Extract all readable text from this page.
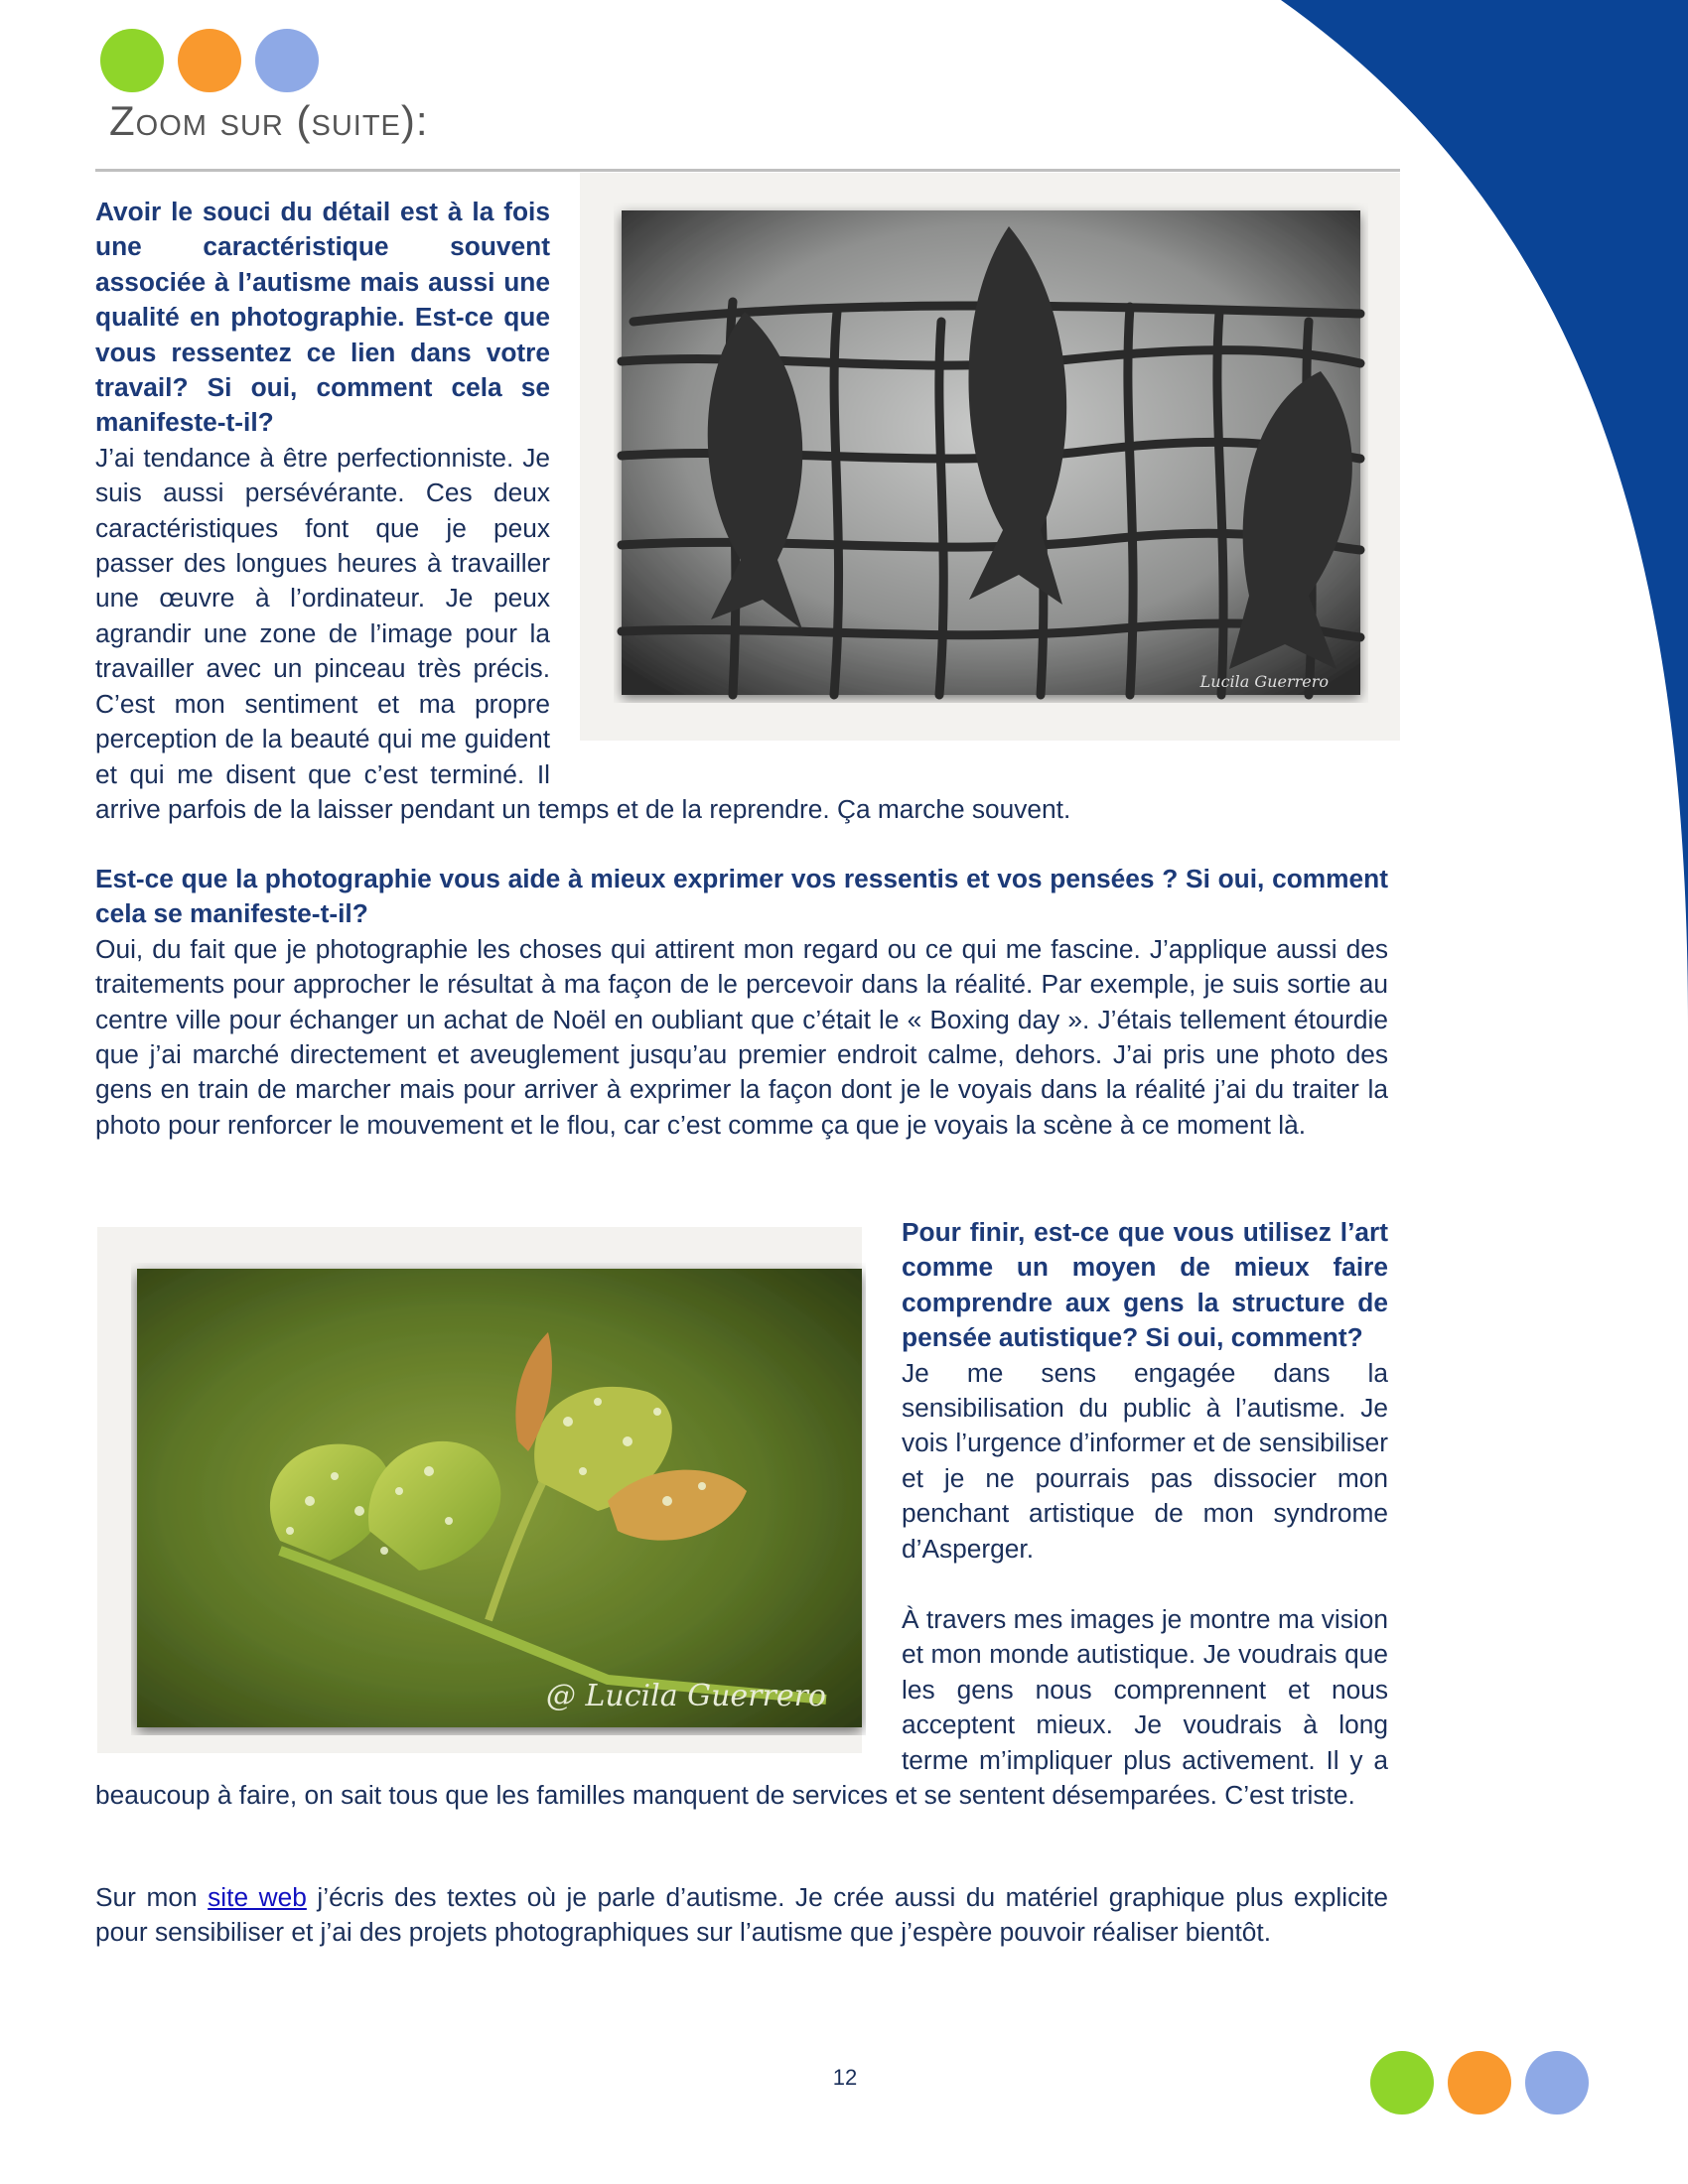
Zoom sur (suite):
Lucila Guerrero

Avoir le souci du détail est à la fois une caractéristique souvent associée à l’autisme mais aussi une qualité en photographie. Est-ce que vous ressentez ce lien dans votre travail? Si oui, comment cela se manifeste-t-il?

J’ai tendance à être perfectionniste. Je suis aussi persévérante. Ces deux caractéristiques font que je peux passer des longues heures à travailler une œuvre à l’ordinateur. Je peux agrandir une zone de l’image pour la travailler avec un pinceau très précis. C’est mon sentiment et ma propre perception de la beauté qui me guident et qui me disent que c’est terminé. Il arrive parfois de la laisser pendant un temps et de la reprendre. Ça marche souvent.

Est-ce que la photographie vous aide à mieux exprimer vos ressentis et vos pensées ? Si oui, comment cela se manifeste-t-il?

Oui, du fait que je photographie les choses qui attirent mon regard ou ce qui me fascine. J’applique aussi des traitements pour approcher le résultat à ma façon de le percevoir dans la réalité. Par exemple, je suis sortie au centre ville pour échanger un achat de Noël en oubliant que c’était le « Boxing day ». J’étais tellement étourdie que j’ai marché directement et aveuglement jusqu’au premier endroit calme, dehors. J’ai pris une photo des gens en train de marcher mais pour arriver à exprimer la façon dont je le voyais dans la réalité j’ai du traiter la photo pour renforcer le mouvement et le flou, car c’est comme ça que je voyais la scène à ce moment là.

@ Lucila Guerrero

Pour finir, est-ce que vous utilisez l’art comme un moyen de mieux faire comprendre aux gens la structure de pensée autistique? Si oui, comment?

Je me sens engagée dans la sensibilisation du public à l’autisme. Je vois l’urgence d’informer et de sensibiliser et je ne pourrais pas dissocier mon penchant artistique de mon syndrome d’Asperger.

À travers mes images je montre ma vision et mon monde autistique. Je voudrais que les gens nous comprennent et nous acceptent mieux. Je voudrais à long terme m’impliquer plus activement. Il y a beaucoup à faire, on sait tous que les familles manquent de services et se sentent désemparées. C’est triste.

Sur mon site web j’écris des textes où je parle d’autisme. Je crée aussi du matériel graphique plus explicite pour sensibiliser et j’ai des projets photographiques sur l’autisme que j’espère pouvoir réaliser bientôt.

12
